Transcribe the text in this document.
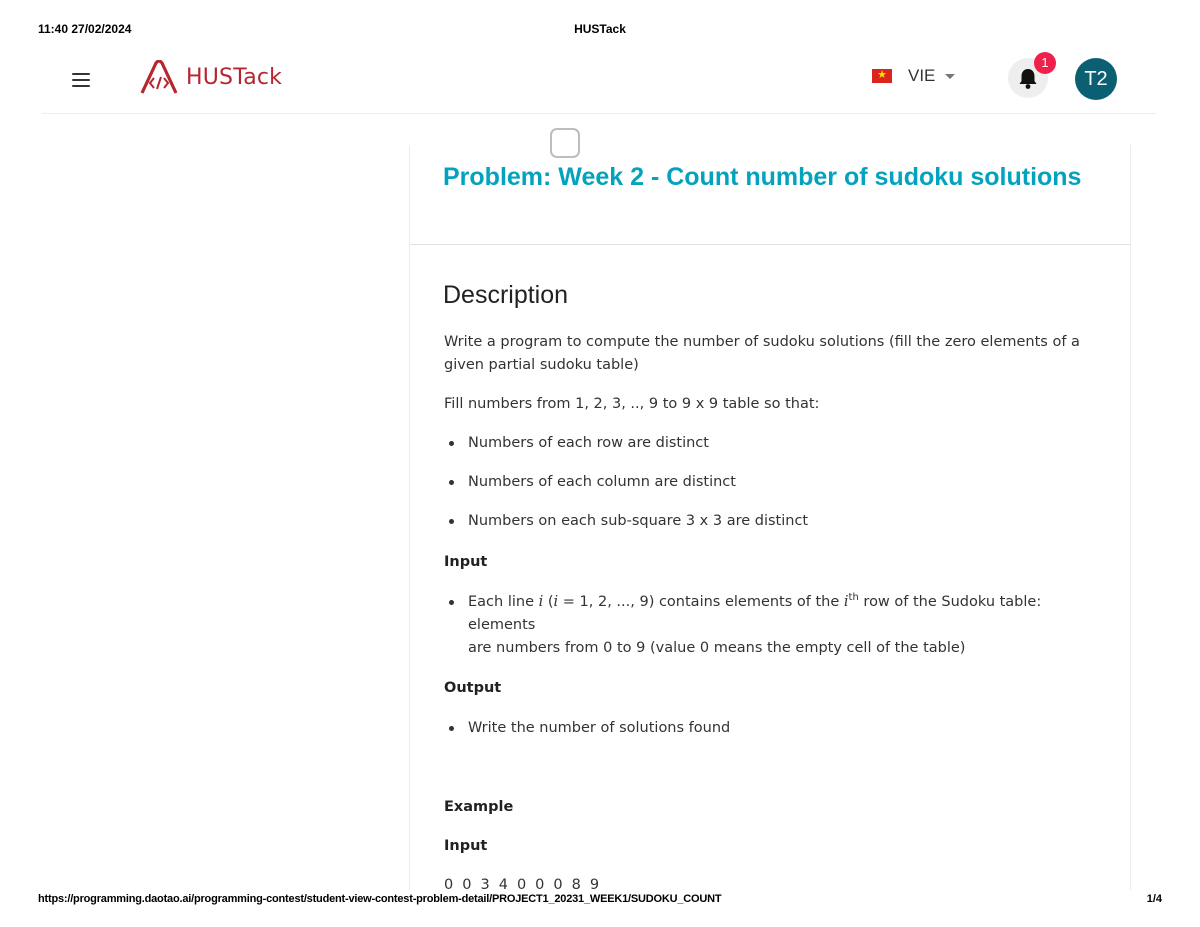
11:40 27/02/2024	HUSTack
HUSTack	★ VIE
1
T2
Problem: Week 2 - Count number of sudoku solutions
Description

Write a program to compute the number of sudoku solutions (fill the zero elements of a
given partial sudoku table)

Fill numbers from 1, 2, 3, .., 9 to 9 x 9 table so that:

Numbers of each row are distinct
Numbers of each column are distinct
Numbers on each sub-square 3 x 3 are distinct

Input

Each line i (i = 1, 2, ..., 9) contains elements of the $i^{th}$ row of the Sudoku table: elements
are numbers from 0 to 9 (value 0 means the empty cell of the table)

Output

Write the number of solutions found

Example

Input

0 0 3 4 0 0 0 8 9

https://programming.daotao.ai/programming-contest/student-view-contest-problem-detail/PROJECT1_20231_WEEK1/SUDOKU_COUNT	1/4
